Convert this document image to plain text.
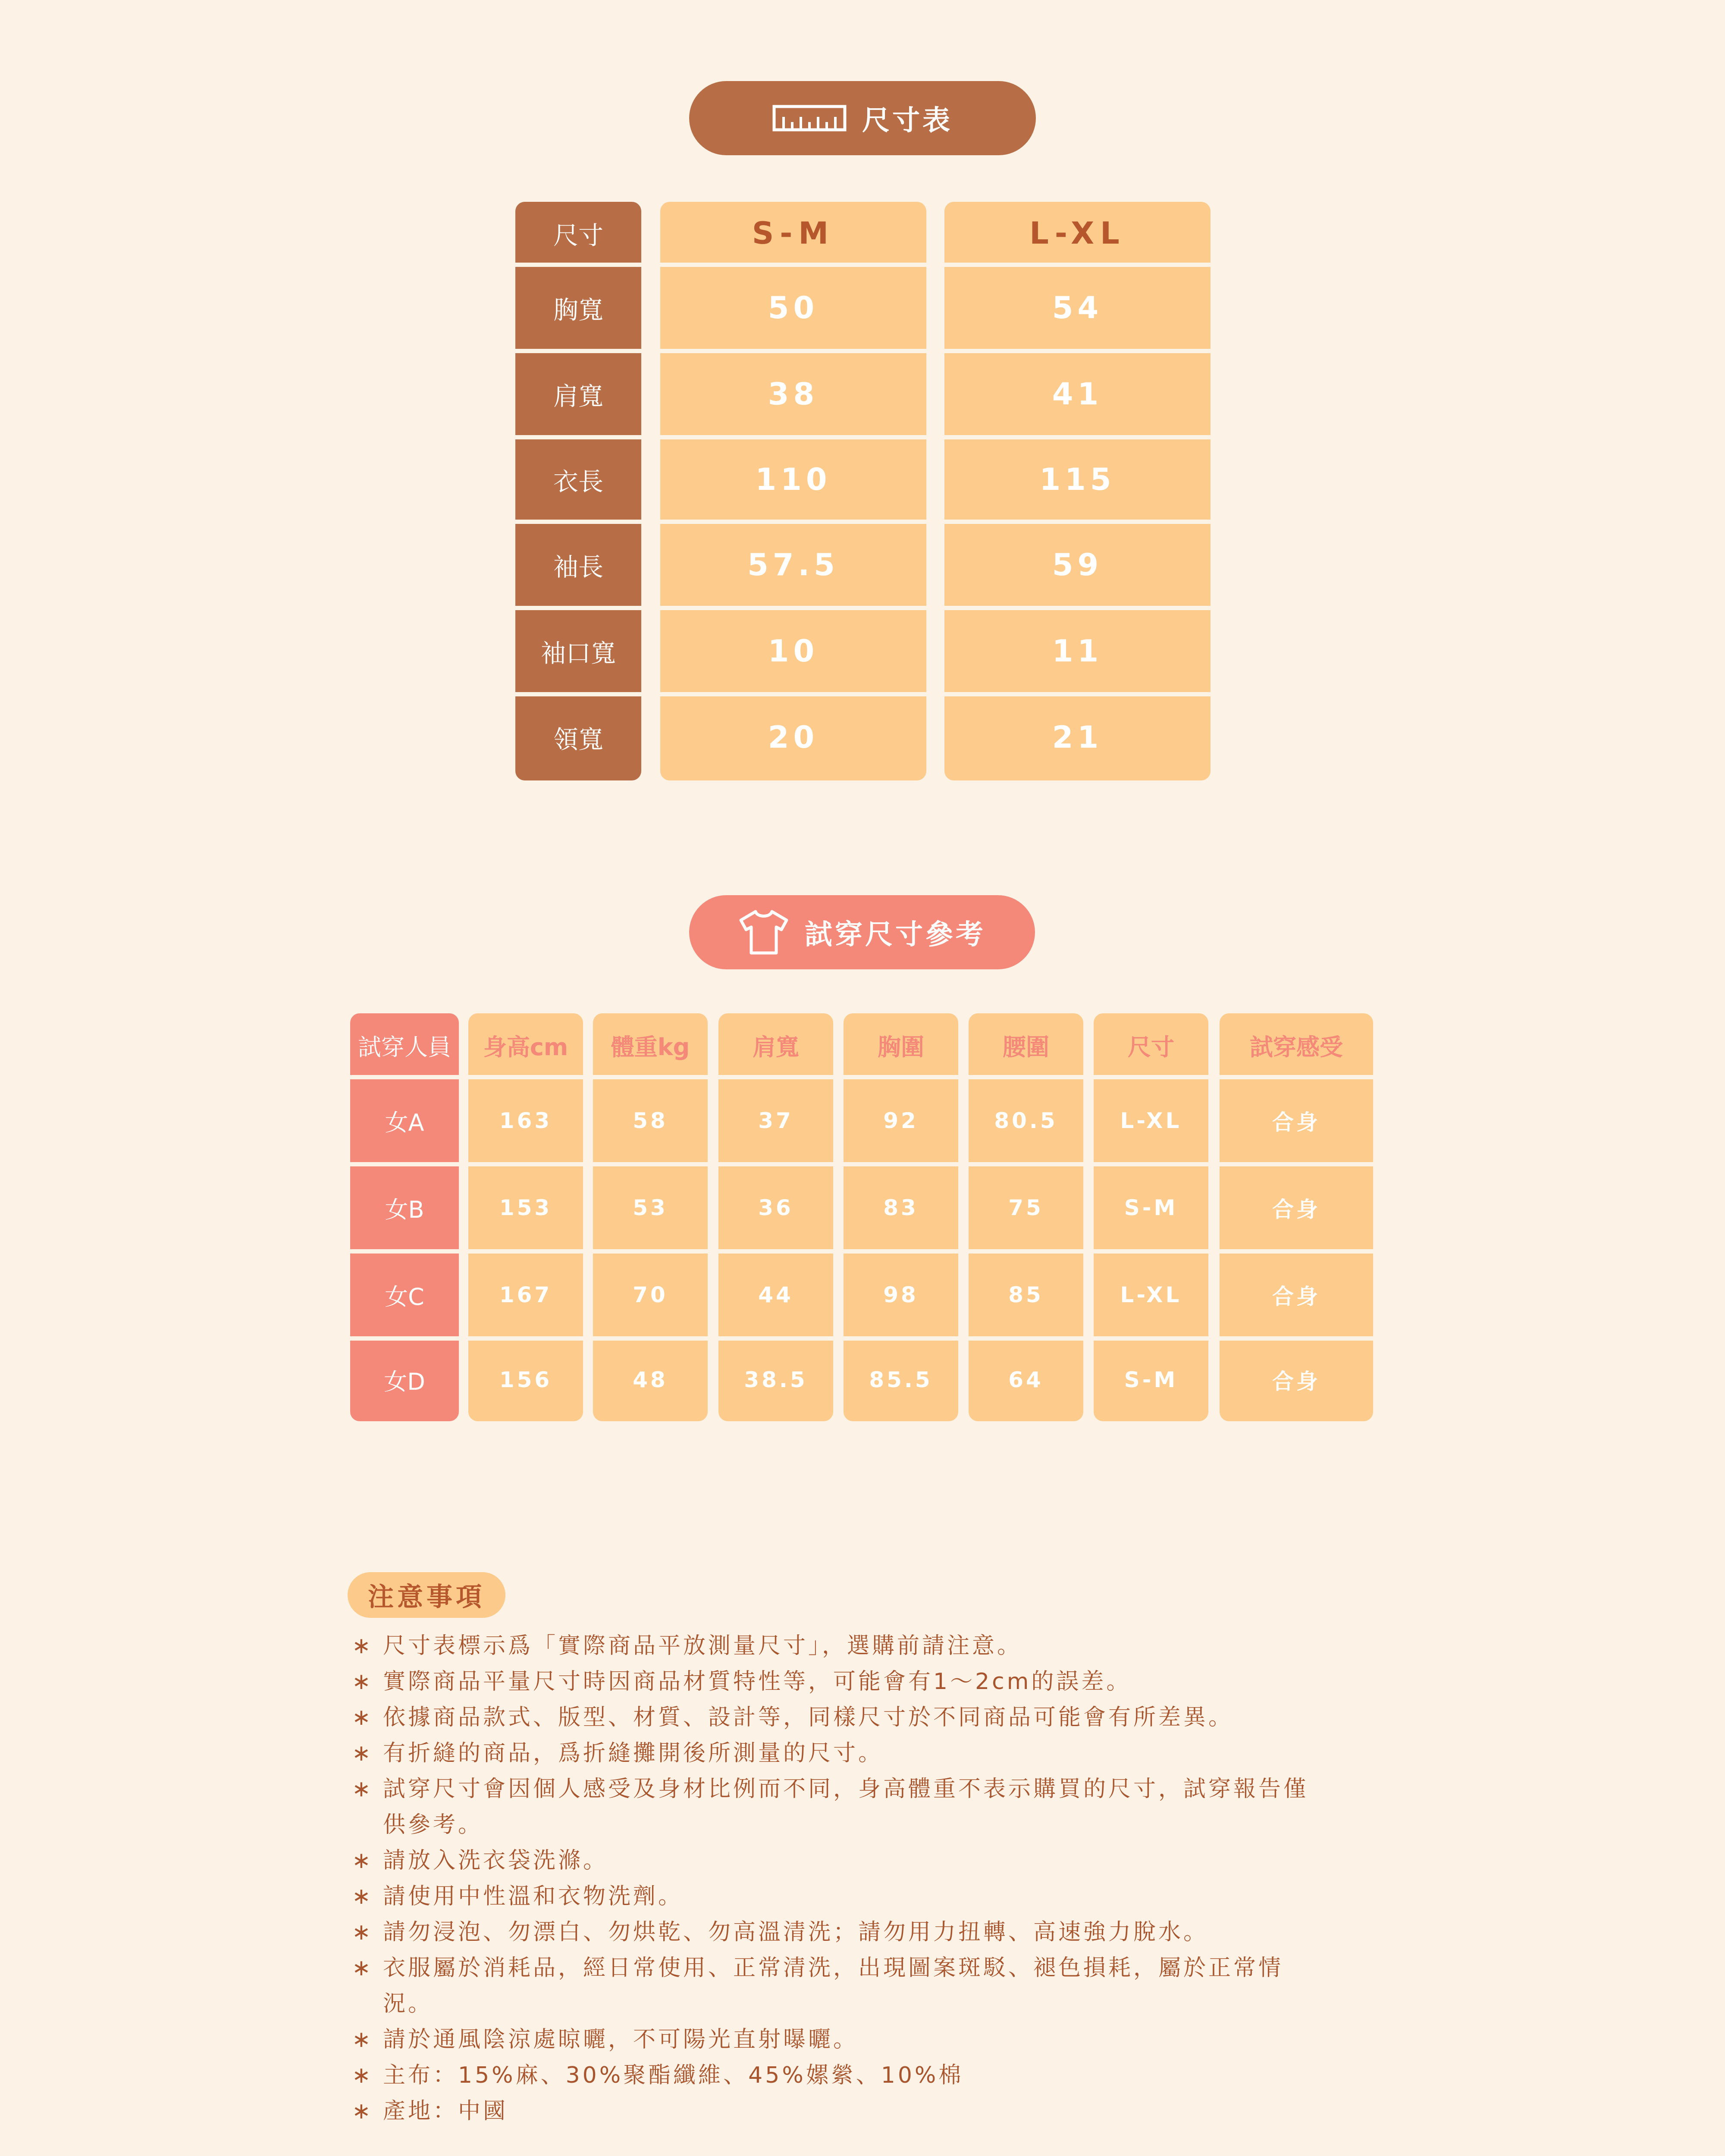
尺寸表
尺寸	S-M	L-XL
胸寬	50	54
肩寬	38	41
衣長	110	115
袖長	57.5	59
袖口寬	10	11
領寬	20	21
試穿尺寸參考
試穿人員	身高cm	體重kg	肩寬	胸圍	腰圍	尺寸	試穿感受
女A	163	58	37	92	80.5	L-XL	合身
女B	153	53	36	83	75	S-M	合身
女C	167	70	44	98	85	L-XL	合身
女D	156	48	38.5	85.5	64	S-M	合身
注意事項
∗ 尺寸表標示爲「實際商品平放測量尺寸」，選購前請注意。
∗ 實際商品平量尺寸時因商品材質特性等，可能會有1～2cm的誤差。
∗ 依據商品款式、版型、材質、設計等，同樣尺寸於不同商品可能會有所差異。
∗ 有折縫的商品，爲折縫攤開後所測量的尺寸。
∗ 試穿尺寸會因個人感受及身材比例而不同，身高體重不表示購買的尺寸，試穿報告僅供參考。
∗ 請放入洗衣袋洗滌。
∗ 請使用中性溫和衣物洗劑。
∗ 請勿浸泡、勿漂白、勿烘乾、勿高溫清洗；請勿用力扭轉、高速強力脫水。
∗ 衣服屬於消耗品，經日常使用、正常清洗，出現圖案斑駁、褪色損耗，屬於正常情況。
∗ 請於通風陰涼處晾曬，不可陽光直射曝曬。
∗ 主布：15%麻、30%聚酯纖維、45%嫘縈、10%棉
∗ 產地：中國
